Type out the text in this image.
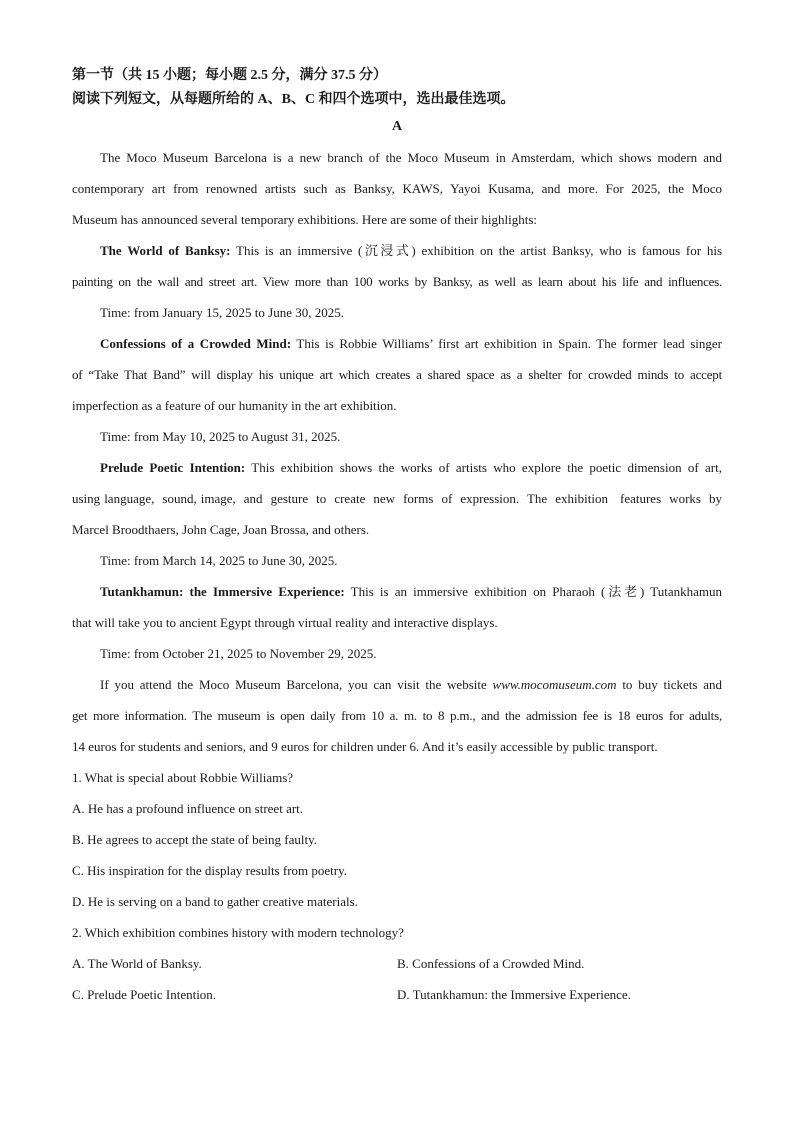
第一节（共 15 小题；每小题 2.5 分，满分 37.5 分）
阅读下列短文，从每题所给的 A、B、C 和四个选项中，选出最佳选项。
A
The Moco Museum Barcelona is a new branch of the Moco Museum in Amsterdam, which shows modern and
contemporary art from renowned artists such as Banksy, KAWS, Yayoi Kusama, and more. For 2025, the Moco
Museum has announced several temporary exhibitions. Here are some of their highlights:
The World of Banksy: This is an immersive (沉浸式) exhibition on the artist Banksy, who is famous for his
painting on the wall and street art. View more than 100 works by Banksy, as well as learn about his life and influences.
Time: from January 15, 2025 to June 30, 2025.
Confessions of a Crowded Mind: This is Robbie Williams’ first art exhibition in Spain. The former lead singer
of “Take That Band” will display his unique art which creates a shared space as a shelter for crowded minds to accept
imperfection as a feature of our humanity in the art exhibition.
Time: from May 10, 2025 to August 31, 2025.
Prelude Poetic Intention: This exhibition shows the works of artists who explore the poetic dimension of art,
using language,  sound, image,  and  gesture  to  create  new  forms  of  expression.  The  exhibition   features  works  by
Marcel Broodthaers, John Cage, Joan Brossa, and others.
Time: from March 14, 2025 to June 30, 2025.
Tutankhamun: the Immersive Experience: This is an immersive exhibition on Pharaoh (法老) Tutankhamun
that will take you to ancient Egypt through virtual reality and interactive displays.
Time: from October 21, 2025 to November 29, 2025.
If you attend the Moco Museum Barcelona, you can visit the website www.mocomuseum.com to buy tickets and
get more information. The museum is open daily from 10 a. m. to 8 p.m., and the admission fee is 18 euros for adults,
14 euros for students and seniors, and 9 euros for children under 6. And it’s easily accessible by public transport.
1. What is special about Robbie Williams?
A. He has a profound influence on street art.
B. He agrees to accept the state of being faulty.
C. His inspiration for the display results from poetry.
D. He is serving on a band to gather creative materials.
2. Which exhibition combines history with modern technology?
A. The World of Banksy.	B. Confessions of a Crowded Mind.
C. Prelude Poetic Intention.	D. Tutankhamun: the Immersive Experience.
